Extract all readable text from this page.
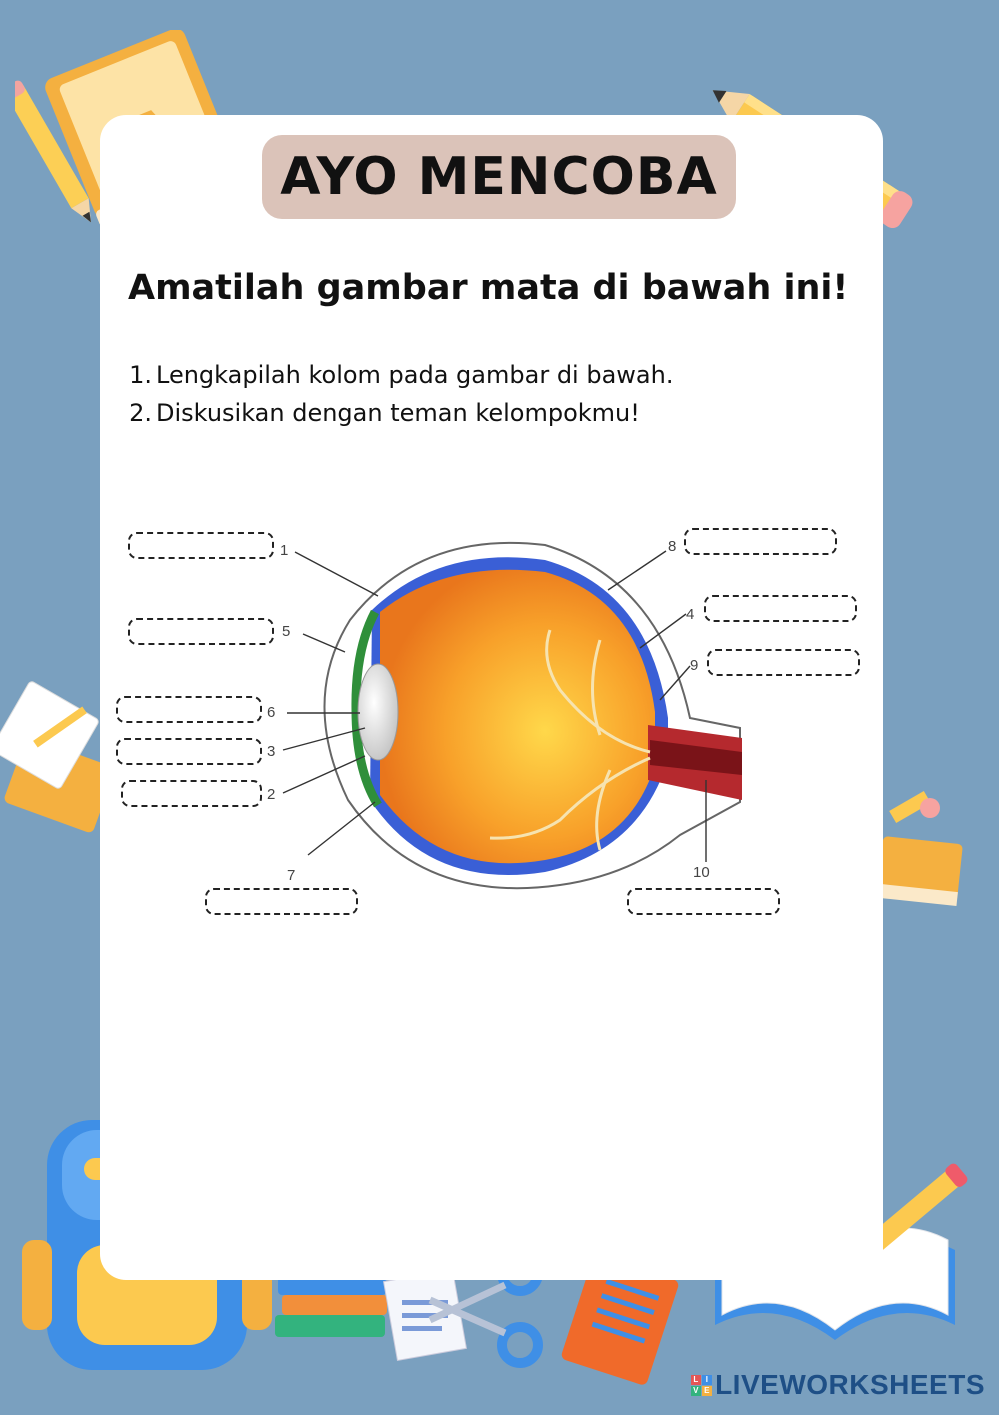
AYO MENCOBA
Amatilah gambar mata di bawah ini!
1. Lengkapilah kolom pada gambar di bawah.
2. Diskusikan dengan teman kelompokmu!
1
2
3
4
5
6
7
8
9
10
L I
V E LIVEWORKSHEETS
